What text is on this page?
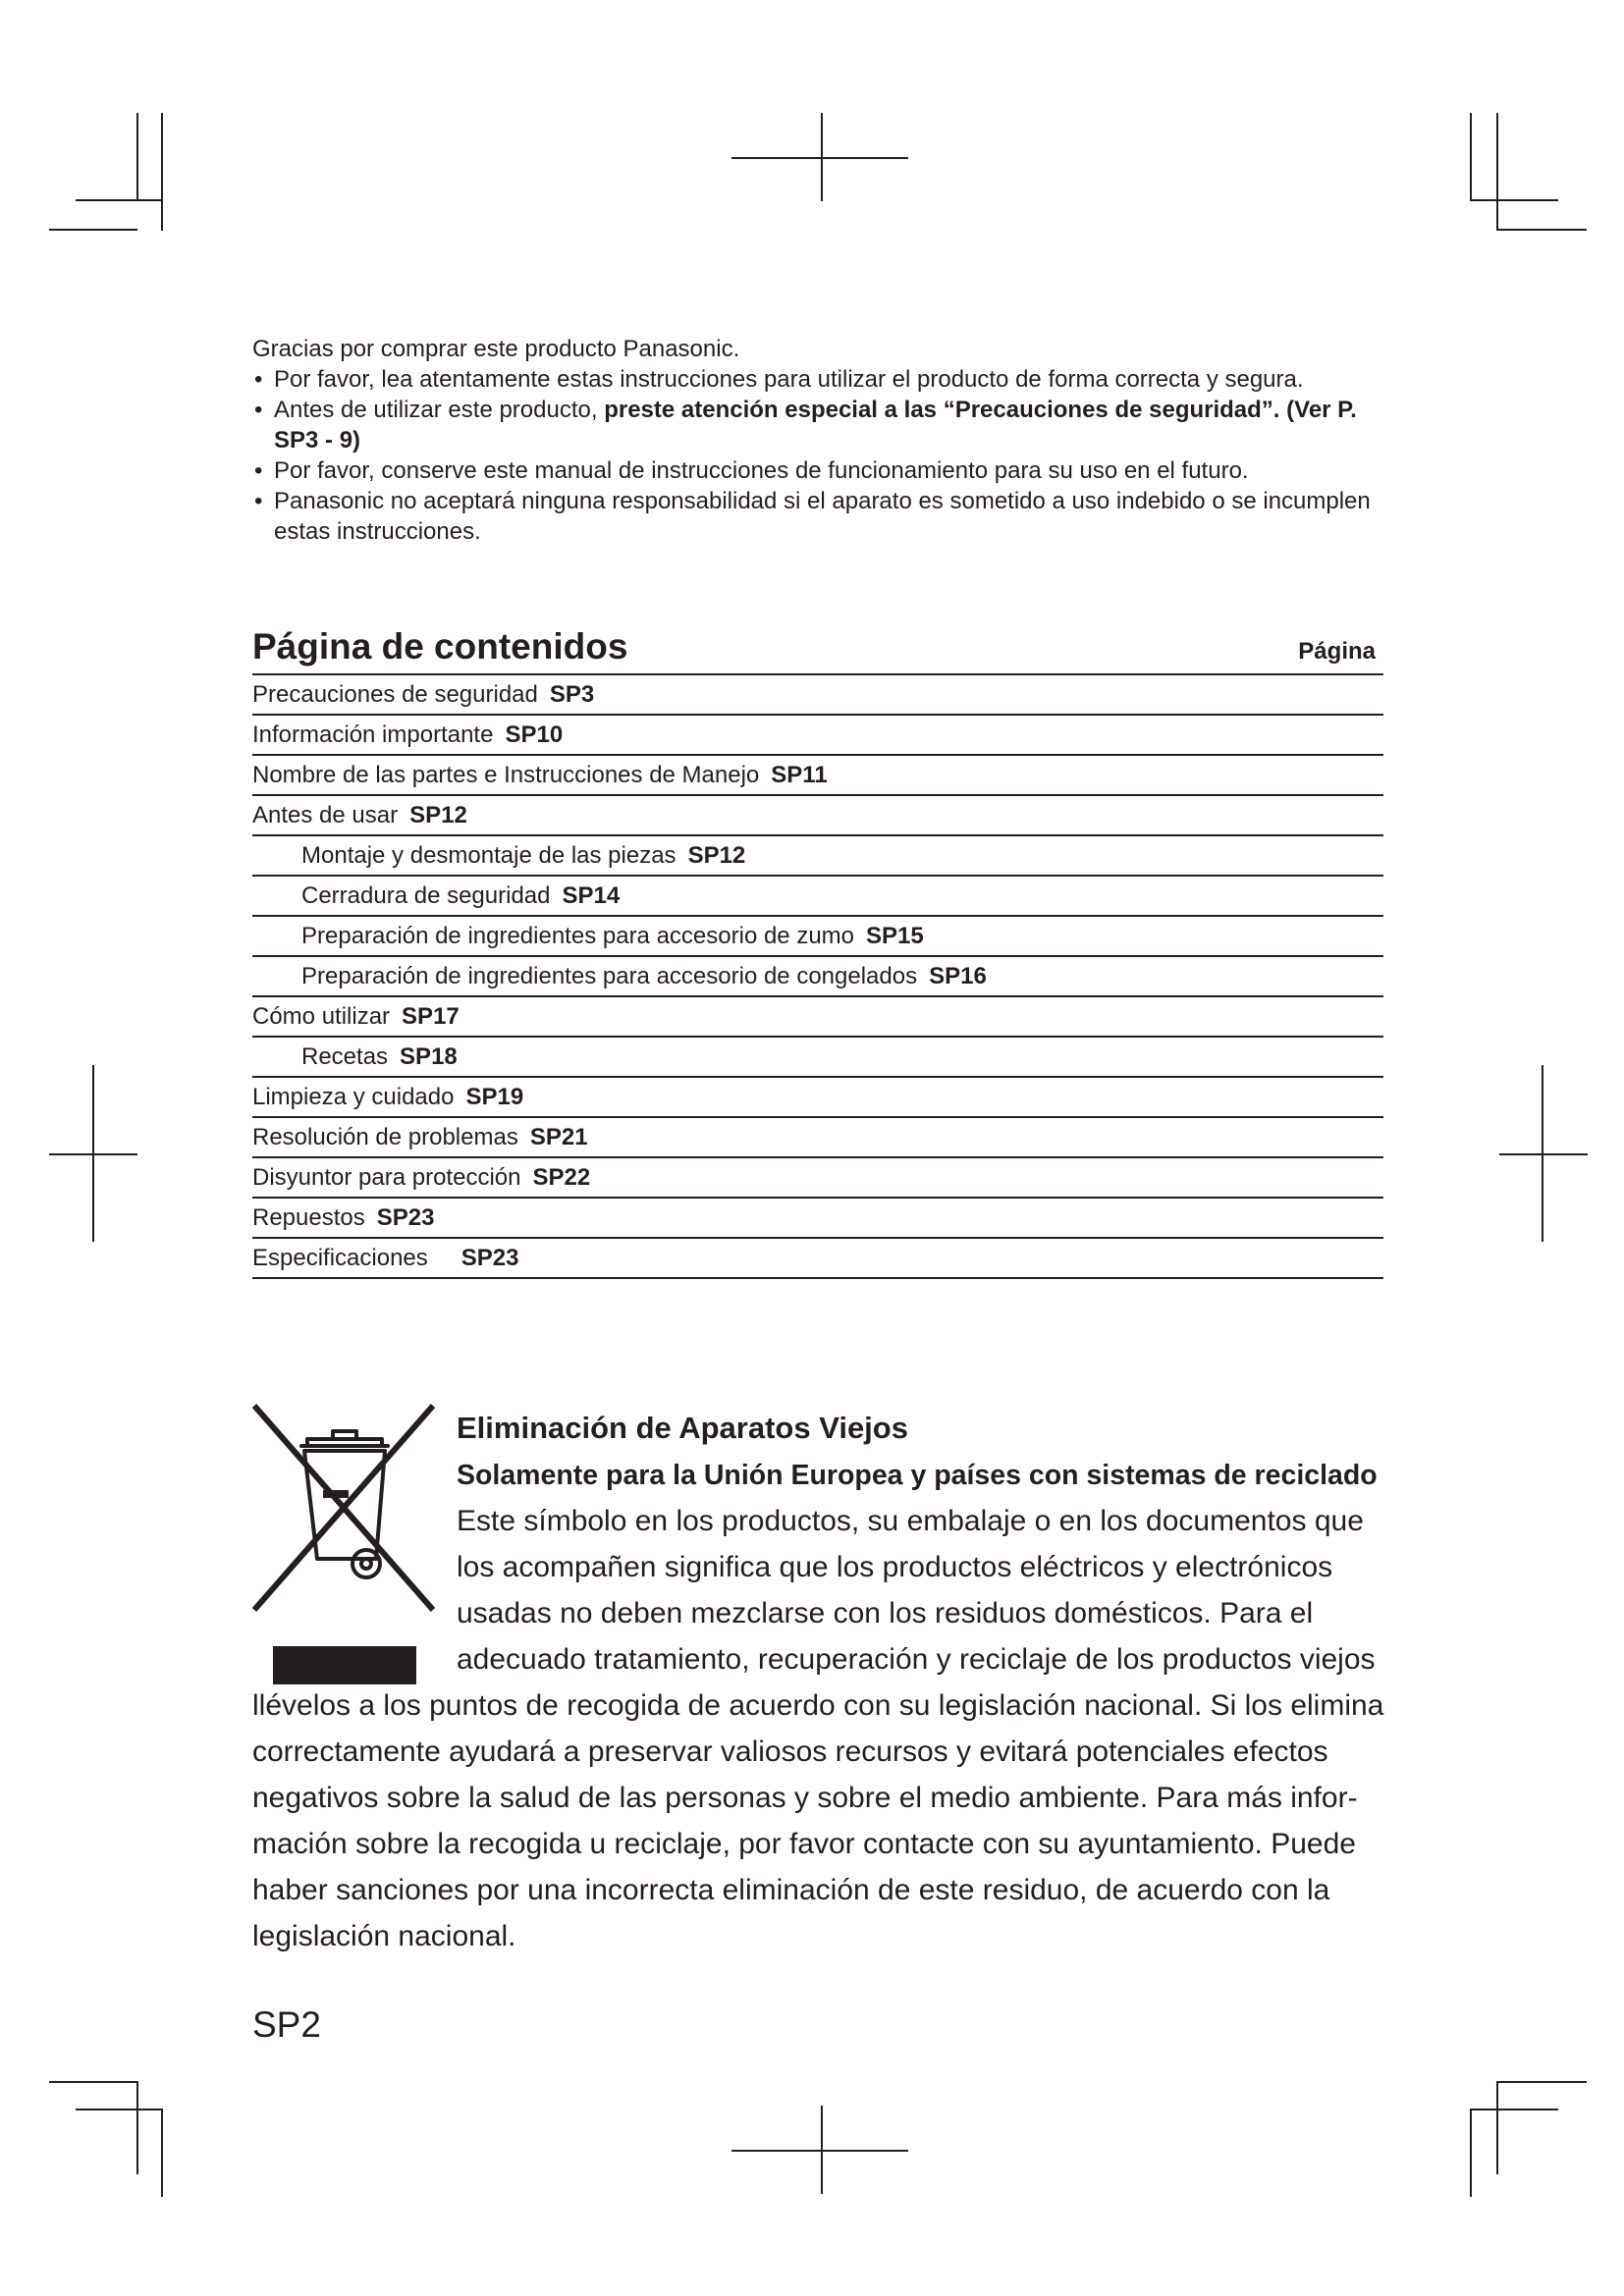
Gracias por comprar este producto Panasonic.

• Por favor, lea atentamente estas instrucciones para utilizar el producto de forma correcta y segura.
• Antes de utilizar este producto, preste atención especial a las “Precauciones de seguridad”. (Ver P. SP3 - 9)
• Por favor, conserve este manual de instrucciones de funcionamiento para su uso en el futuro.
• Panasonic no aceptará ninguna responsabilidad si el aparato es sometido a uso indebido o se incumplen estas instrucciones.
Página de contenidos	Página
Precauciones de seguridad SP3
Información importante SP10
Nombre de las partes e Instrucciones de Manejo SP11
Antes de usar SP12
Montaje y desmontaje de las piezas SP12
Cerradura de seguridad SP14
Preparación de ingredientes para accesorio de zumo SP15
Preparación de ingredientes para accesorio de congelados SP16
Cómo utilizar SP17
Recetas SP18
Limpieza y cuidado SP19
Resolución de problemas SP21
Disyuntor para protección SP22
Repuestos SP23
Especificaciones SP23
Eliminación de Aparatos Viejos
Solamente para la Unión Europea y países con sistemas de reciclado
Este símbolo en los productos, su embalaje o en los documentos que
los acompañen significa que los productos eléctricos y electrónicos
usadas no deben mezclarse con los residuos domésticos. Para el
adecuado tratamiento, recuperación y reciclaje de los productos viejos
llévelos a los puntos de recogida de acuerdo con su legislación nacional. Si los elimina
correctamente ayudará a preservar valiosos recursos y evitará potenciales efectos
negativos sobre la salud de las personas y sobre el medio ambiente. Para más infor-
mación sobre la recogida u reciclaje, por favor contacte con su ayuntamiento. Puede
haber sanciones por una incorrecta eliminación de este residuo, de acuerdo con la
legislación nacional.
SP2
